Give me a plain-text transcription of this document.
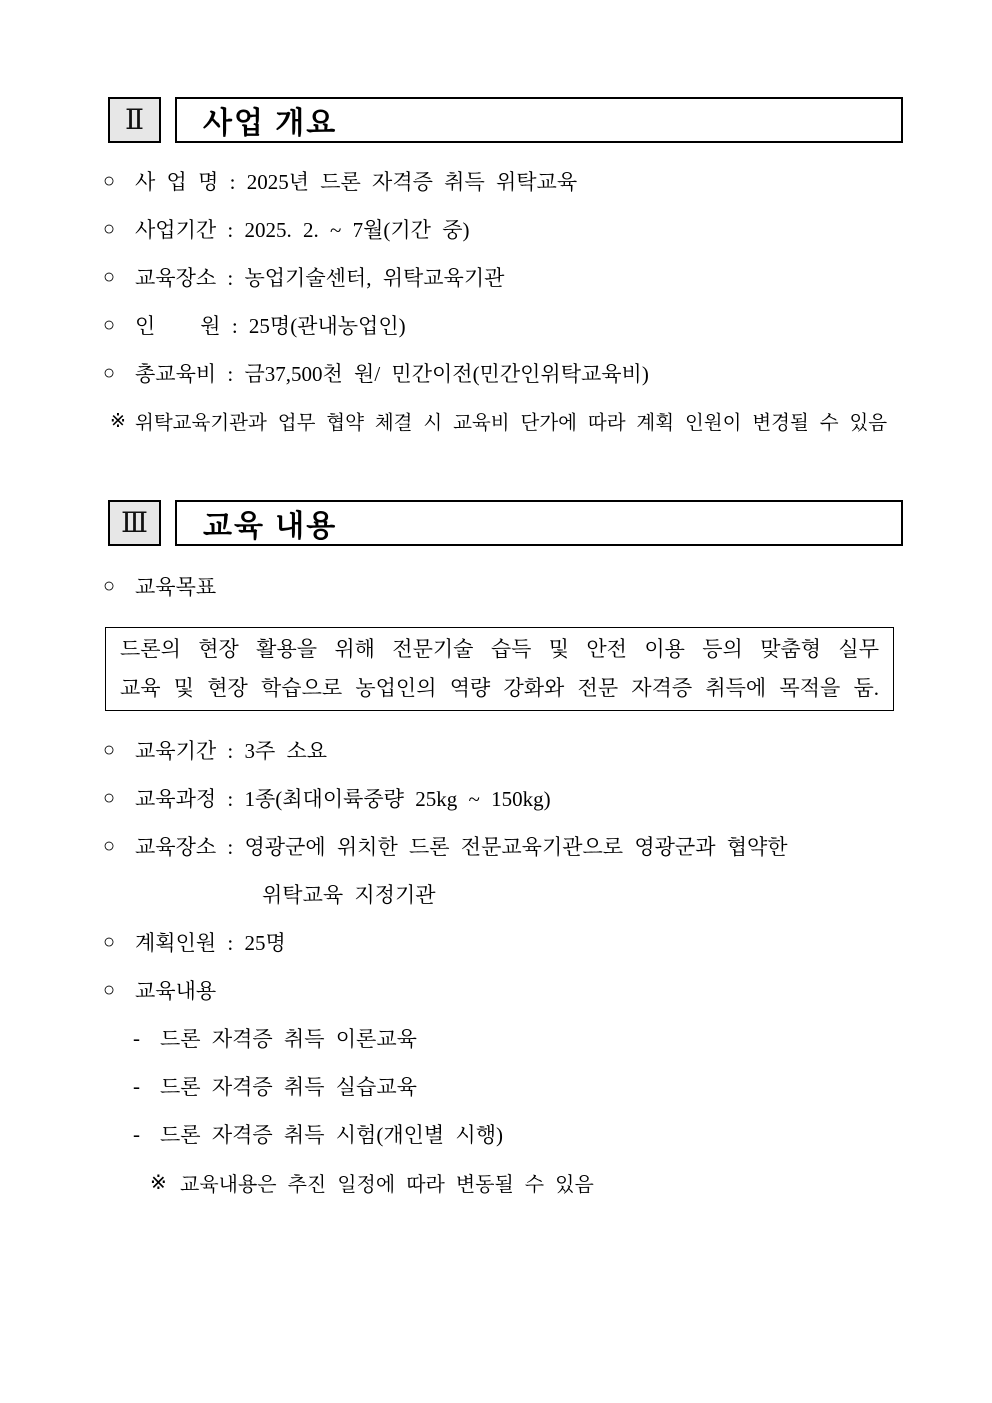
Ⅱ	사업 개요
○ 사 업 명 : 2025년 드론 자격증 취득 위탁교육
○ 사업기간 : 2025. 2. ~ 7월(기간 중)
○ 교육장소 : 농업기술센터, 위탁교육기관
○ 인    원 : 25명(관내농업인)
○ 총교육비 : 금37,500천 원/ 민간이전(민간인위탁교육비)
※ 위탁교육기관과 업무 협약 체결 시 교육비 단가에 따라 계획 인원이 변경될 수 있음
Ⅲ	교육 내용
○ 교육목표
드론의 현장 활용을 위해 전문기술 습득 및 안전 이용 등의 맞춤형 실무
교육 및 현장 학습으로 농업인의 역량 강화와 전문 자격증 취득에 목적을 둠.
○ 교육기간 : 3주 소요
○ 교육과정 : 1종(최대이륙중량 25kg ~ 150kg)
○ 교육장소 : 영광군에 위치한 드론 전문교육기관으로 영광군과 협약한
위탁교육 지정기관
○ 계획인원 : 25명
○ 교육내용
- 드론 자격증 취득 이론교육
- 드론 자격증 취득 실습교육
- 드론 자격증 취득 시험(개인별 시행)
※ 교육내용은 추진 일정에 따라 변동될 수 있음
